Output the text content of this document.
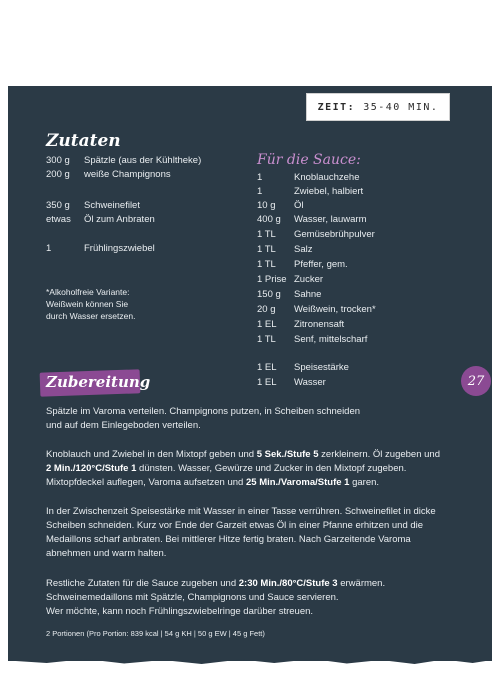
ZEIT: 35-40 MIN.
Zutaten
300 g Spätzle (aus der Kühltheke)
200 g weiße Champignons
350 g Schweinefilet
etwas Öl zum Anbraten
1	Frühlingszwiebel
*Alkoholfreie Variante:
Weißwein können Sie
durch Wasser ersetzen.
Für die Sauce:
1	Knoblauchzehe
1	Zwiebel, halbiert
10 g Öl
400 g Wasser, lauwarm
1 TL Gemüsebrühpulver
1 TL Salz
1 TL Pfeffer, gem.
1 Prise Zucker
150 g Sahne
20 g Weißwein, trocken*
1 EL Zitronensaft
1 TL Senf, mittelscharf
1 EL Speisestärke
1 EL Wasser
Zubereitung	27
Spätzle im Varoma verteilen. Champignons putzen, in Scheiben schneiden
und auf dem Einlegeboden verteilen.
Knoblauch und Zwiebel in den Mixtopf geben und 5 Sek./Stufe 5 zerkleinern. Öl zugeben und
2 Min./120°C/Stufe 1 dünsten. Wasser, Gewürze und Zucker in den Mixtopf zugeben.
Mixtopfdeckel auflegen, Varoma aufsetzen und 25 Min./Varoma/Stufe 1 garen.
In der Zwischenzeit Speisestärke mit Wasser in einer Tasse verrühren. Schweinefilet in dicke
Scheiben schneiden. Kurz vor Ende der Garzeit etwas Öl in einer Pfanne erhitzen und die
Medaillons scharf anbraten. Bei mittlerer Hitze fertig braten. Nach Garzeitende Varoma
abnehmen und warm halten.
Restliche Zutaten für die Sauce zugeben und 2:30 Min./80°C/Stufe 3 erwärmen.
Schweinemedaillons mit Spätzle, Champignons und Sauce servieren.
Wer möchte, kann noch Frühlingszwiebelringe darüber streuen.
2 Portionen (Pro Portion: 839 kcal | 54 g KH | 50 g EW | 45 g Fett)
